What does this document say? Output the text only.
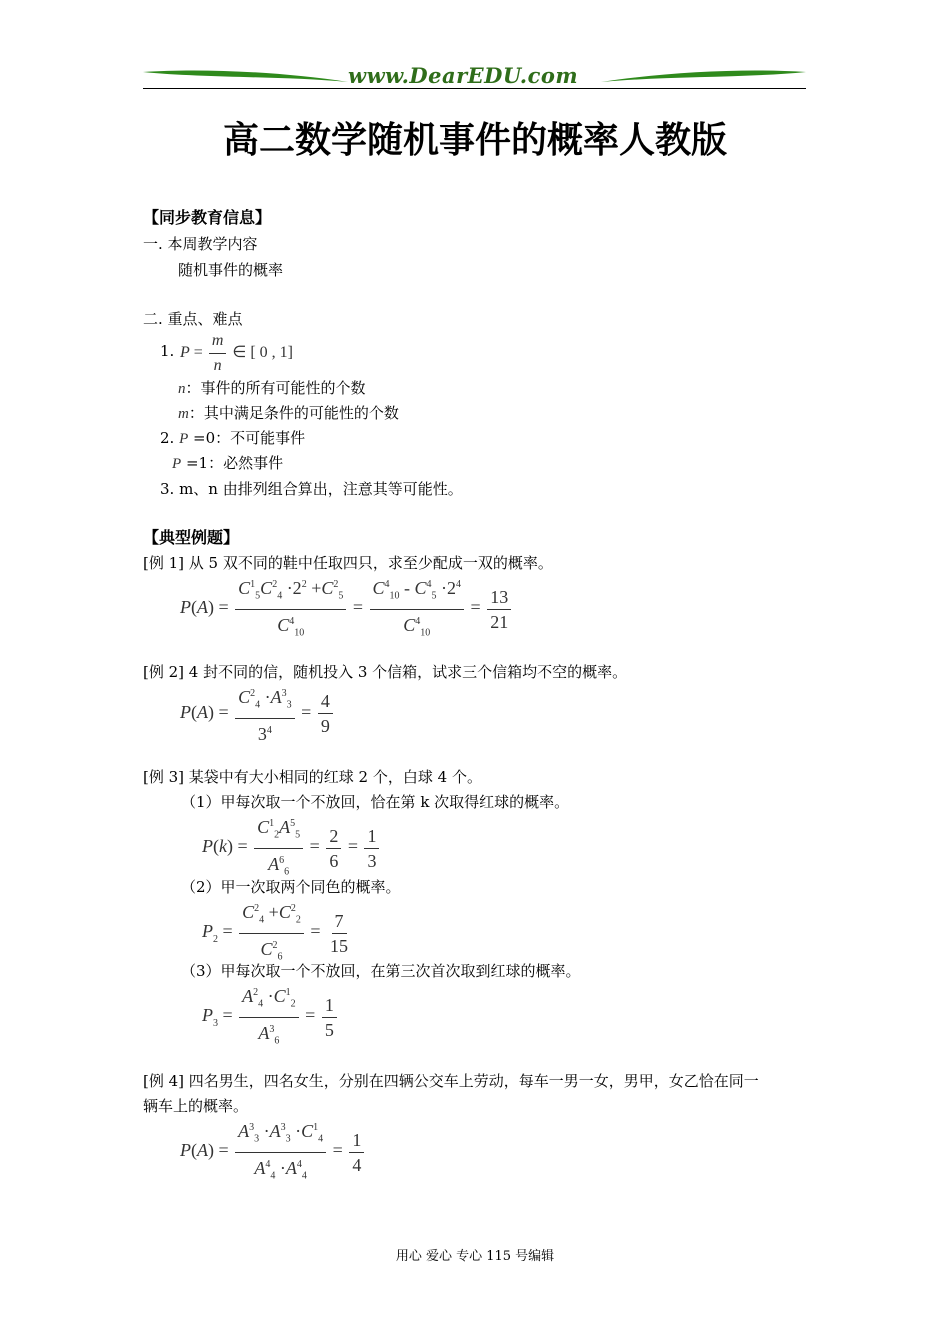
www.DearEDU.com
高二数学随机事件的概率人教版
【同步教育信息】
一. 本周教学内容
随机事件的概率
二. 重点、难点
1. $P = \frac{m}{n}$ ∈ [ 0 , 1]
n：事件的所有可能性的个数
m：其中满足条件的可能性的个数
2. P =0：不可能事件
P =1：必然事件
3. m、n 由排列组合算出，注意其等可能性。
【典型例题】
[例 1] 从 5 双不同的鞋中任取四只，求至少配成一双的概率。
$P(A) = \frac{C^1_5C^2_4 \cdot 2^2 +C^2_5}{C^4_{10}} = \frac{C^4_{10} - C^4_5 \cdot 2^4}{C^4_{10}} = \frac{13}{21}$
[例 2] 4 封不同的信，随机投入 3 个信箱，试求三个信箱均不空的概率。
$P(A) = \frac{C^2_4 \cdot A^3_3}{3^4} = \frac{4}{9}$
[例 3] 某袋中有大小相同的红球 2 个，白球 4 个。
（1）甲每次取一个不放回，恰在第 k 次取得红球的概率。
$P(k) = \frac{C^1_2A^5_5}{A^6_6} = \frac{2}{6} = \frac{1}{3}$
（2）甲一次取两个同色的概率。
$P_2 = \frac{C^2_4 +C^2_2}{C^2_6} = \frac{7}{15}$
（3）甲每次取一个不放回，在第三次首次取到红球的概率。
$P_3 = \frac{A^2_4 \cdot C^1_2}{A^3_6} = \frac{1}{5}$
[例 4] 四名男生，四名女生，分别在四辆公交车上劳动，每车一男一女，男甲，女乙恰在同一
辆车上的概率。
$P(A) = \frac{A^3_3 \cdot A^3_3 \cdot C^1_4}{A^4_4 \cdot A^4_4} = \frac{1}{4}$
用心 爱心 专心 115 号编辑
